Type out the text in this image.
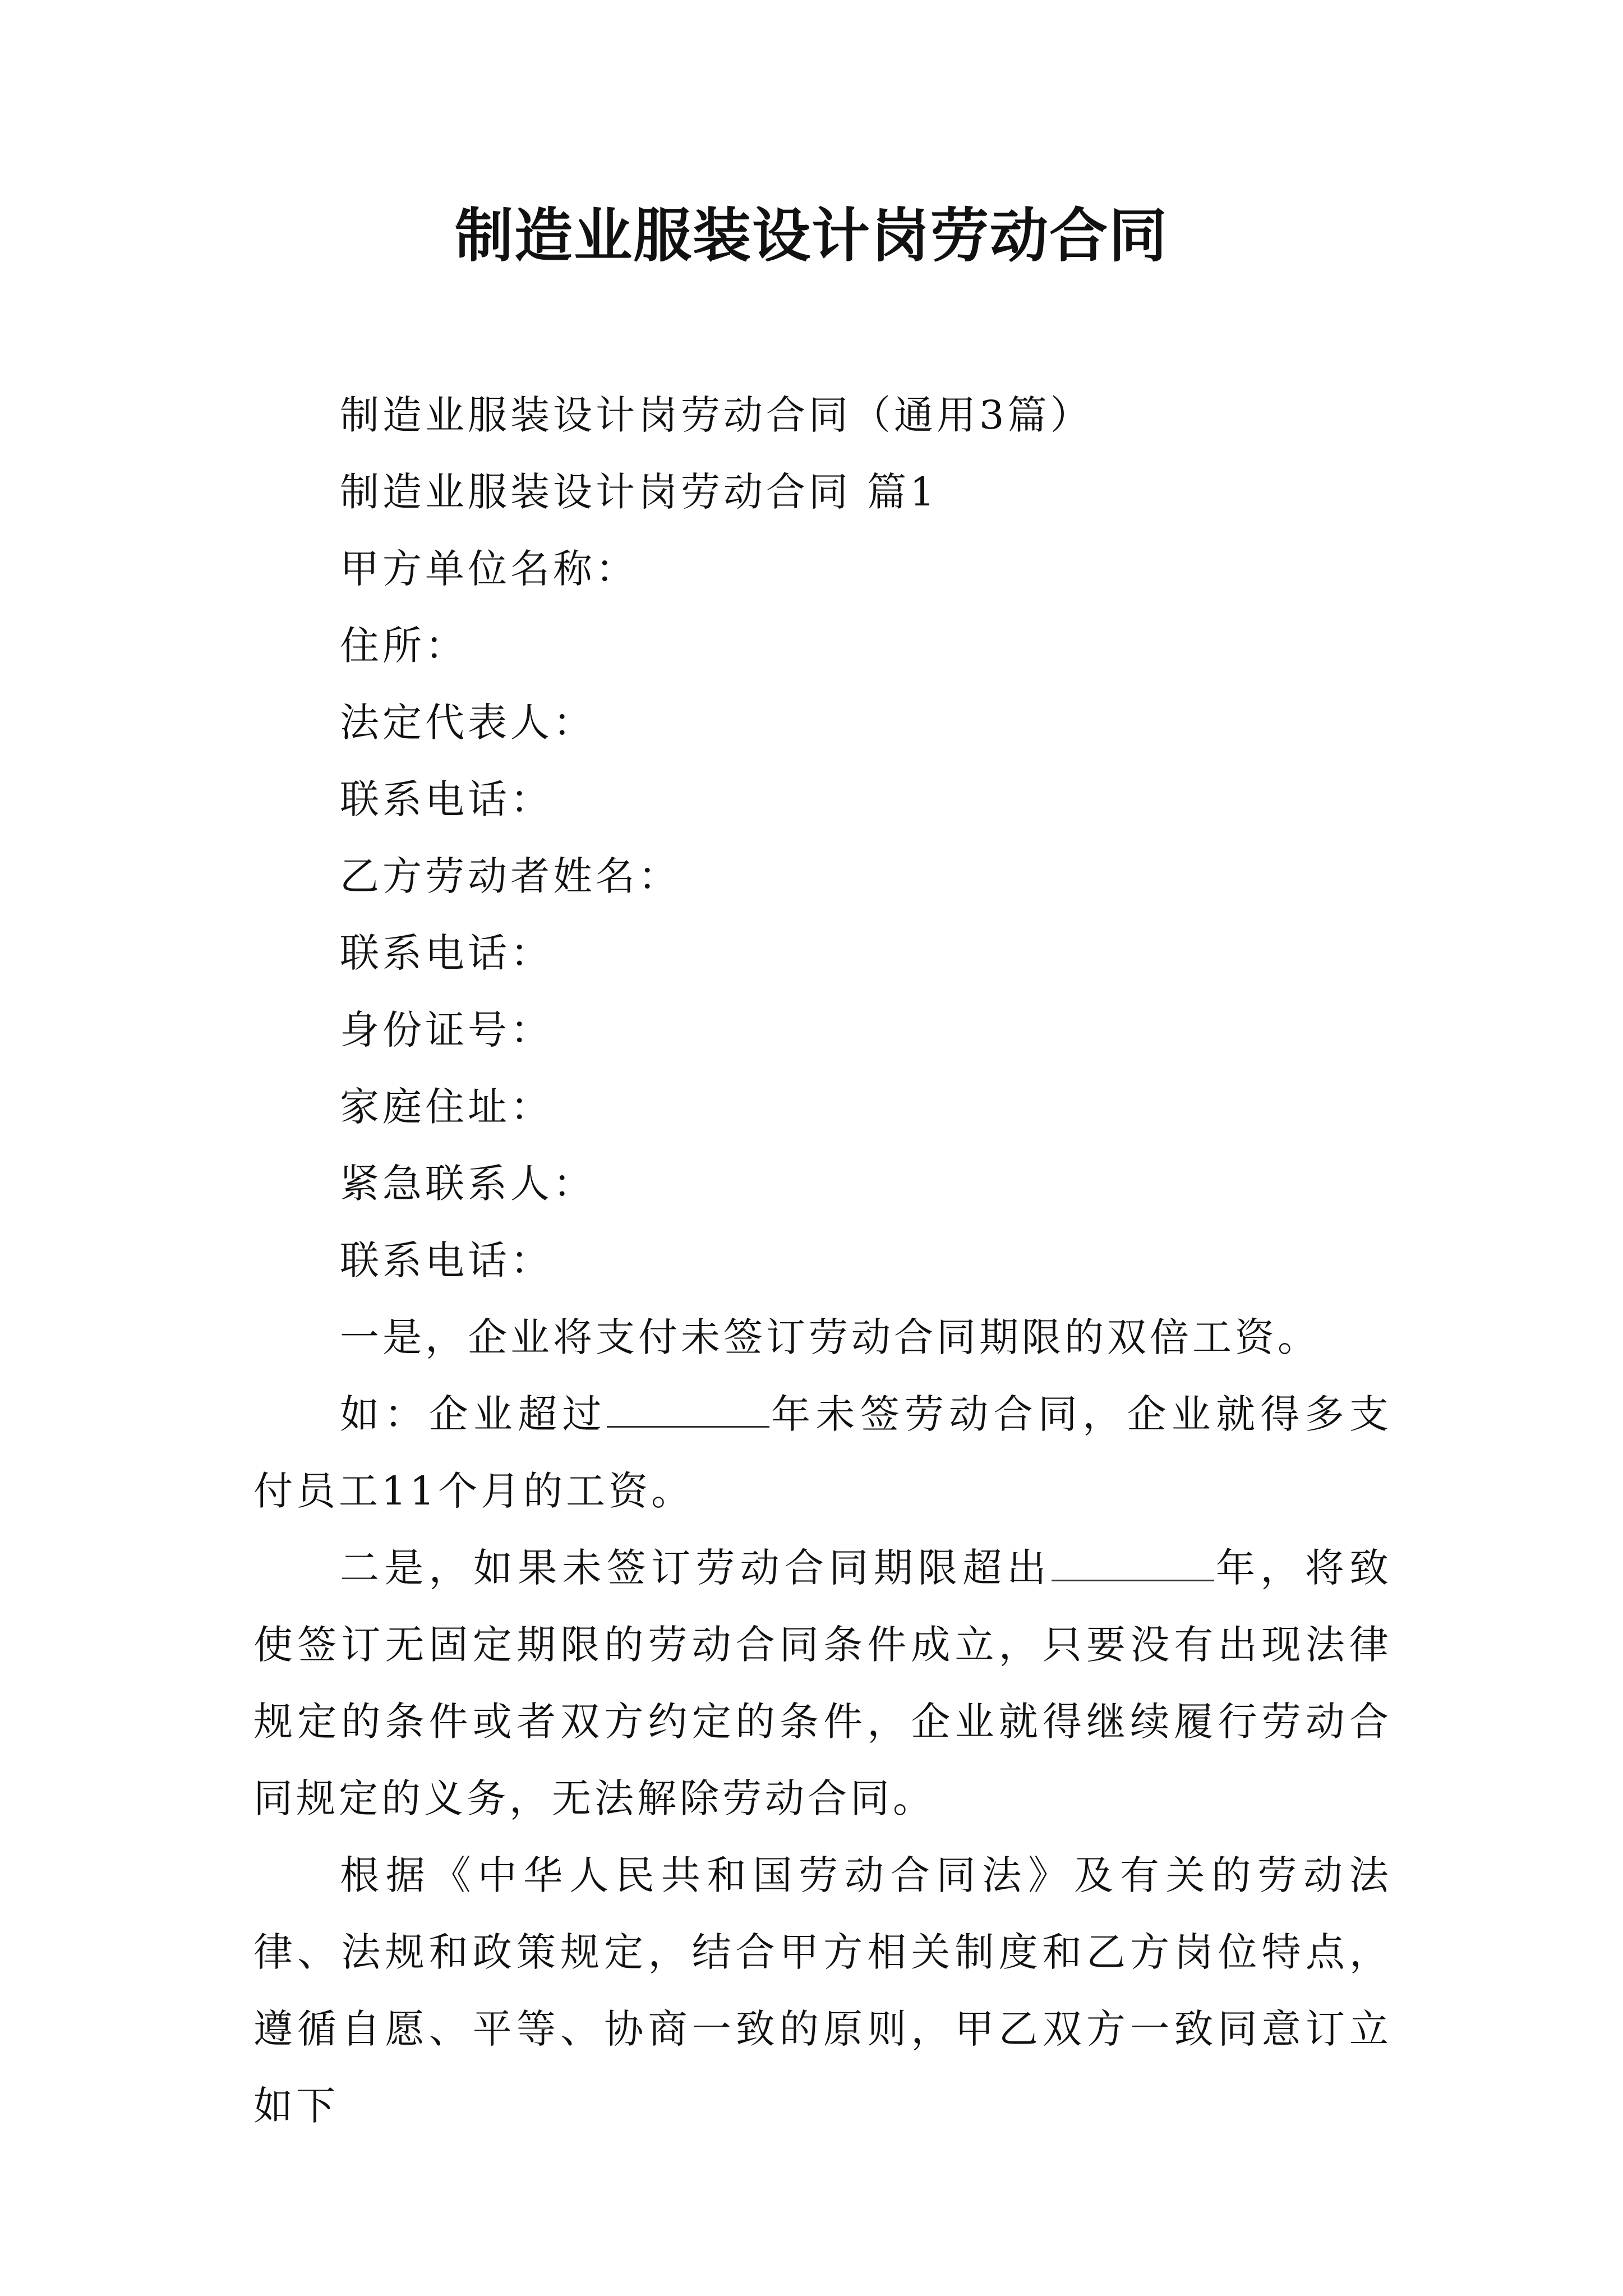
制造业服装设计岗劳动合同

制造业服装设计岗劳动合同（通用3篇）

制造业服装设计岗劳动合同 篇1

甲方单位名称：

住所：

法定代表人：

联系电话：

乙方劳动者姓名：

联系电话：

身份证号：

家庭住址：

紧急联系人：

联系电话：

一是，企业将支付未签订劳动合同期限的双倍工资。

如：企业超过	年未签劳动合同，企业就得多支付员工11个月的工资。

二是，如果未签订劳动合同期限超出	年，将致使签订无固定期限的劳动合同条件成立，只要没有出现法律规定的条件或者双方约定的条件，企业就得继续履行劳动合同规定的义务，无法解除劳动合同。

根据《中华人民共和国劳动合同法》及有关的劳动法律、法规和政策规定，结合甲方相关制度和乙方岗位特点，遵循自愿、平等、协商一致的原则，甲乙双方一致同意订立如下
